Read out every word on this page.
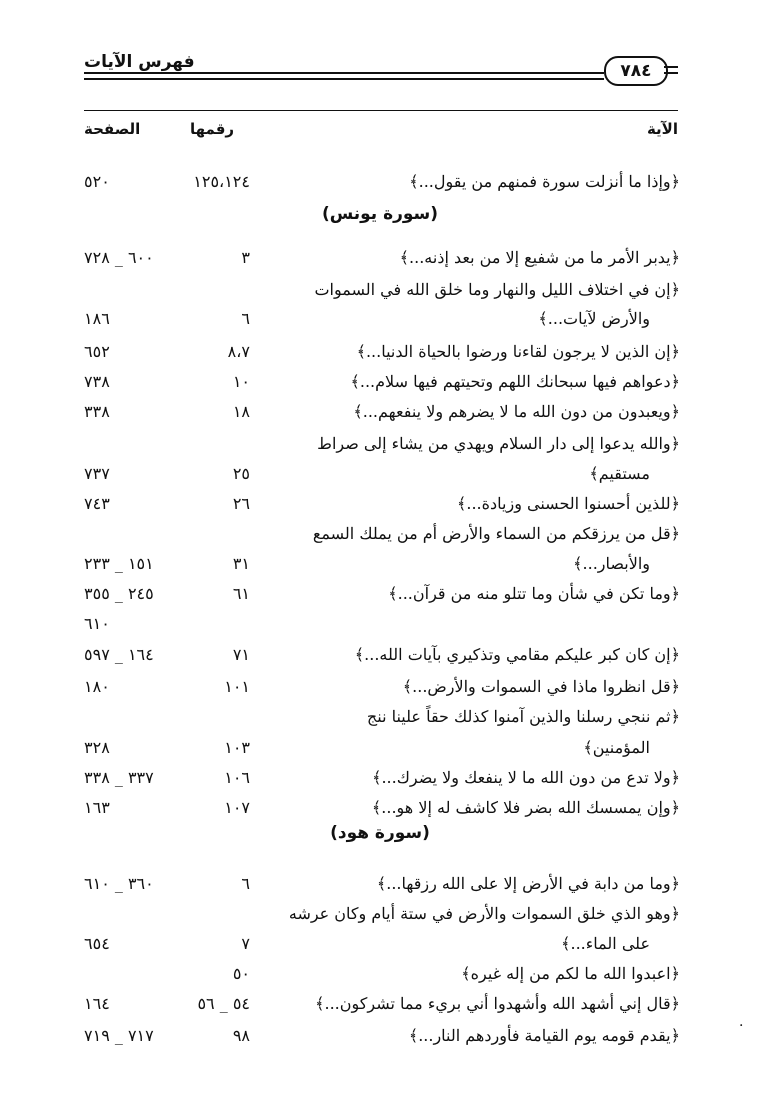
فهرس الآيات	٧٨٤
الآية
رقمها
الصفحة
﴿وإذا ما أنزلت سورة فمنهم من يقول...﴾
١٢٥،١٢٤
٥٢٠
﴿يدبر الأمر ما من شفيع إلا من بعد إذنه...﴾
٣
٦٠٠ _ ٧٢٨
﴿إن في اختلاف الليل والنهار وما خلق الله في السموات
والأرض لآيات...﴾
٦
١٨٦
﴿إن الذين لا يرجون لقاءنا ورضوا بالحياة الدنيا...﴾
٨،٧
٦٥٢
﴿دعواهم فيها سبحانك اللهم وتحيتهم فيها سلام...﴾
١٠
٧٣٨
﴿ويعبدون من دون الله ما لا يضرهم ولا ينفعهم...﴾
١٨
٣٣٨
﴿والله يدعوا إلى دار السلام ويهدي من يشاء إلى صراط
مستقيم﴾
٢٥
٧٣٧
﴿للذين أحسنوا الحسنى وزيادة...﴾
٢٦
٧٤٣
﴿قل من يرزقكم من السماء والأرض أم من يملك السمع
والأبصار...﴾
٣١
١٥١ _ ٢٣٣
﴿وما تكن في شأن وما تتلو منه من قرآن...﴾
٦١
٢٤٥ _ ٣٥٥
٦١٠
﴿إن كان كبر عليكم مقامي وتذكيري بآيات الله...﴾
٧١
١٦٤ _ ٥٩٧
﴿قل انظروا ماذا في السموات والأرض...﴾
١٠١
١٨٠
﴿ثم ننجي رسلنا والذين آمنوا كذلك حقاً علينا ننج
المؤمنين﴾
١٠٣
٣٢٨
﴿ولا تدع من دون الله ما لا ينفعك ولا يضرك...﴾
١٠٦
٣٣٧ _ ٣٣٨
﴿وإن يمسسك الله بضر فلا كاشف له إلا هو...﴾
١٠٧
١٦٣
﴿وما من دابة في الأرض إلا على الله رزقها...﴾
٦
٣٦٠ _ ٦١٠
﴿وهو الذي خلق السموات والأرض في ستة أيام وكان عرشه
على الماء...﴾
٧
٦٥٤
﴿اعبدوا الله ما لكم من إله غيره﴾
٥٠
﴿قال إني أشهد الله وأشهدوا أني بريء مما تشركون...﴾
٥٤ _ ٥٦
١٦٤
﴿يقدم قومه يوم القيامة فأوردهم النار...﴾
٩٨
٧١٧ _ ٧١٩
(سورة يونس)
(سورة هود)
·
